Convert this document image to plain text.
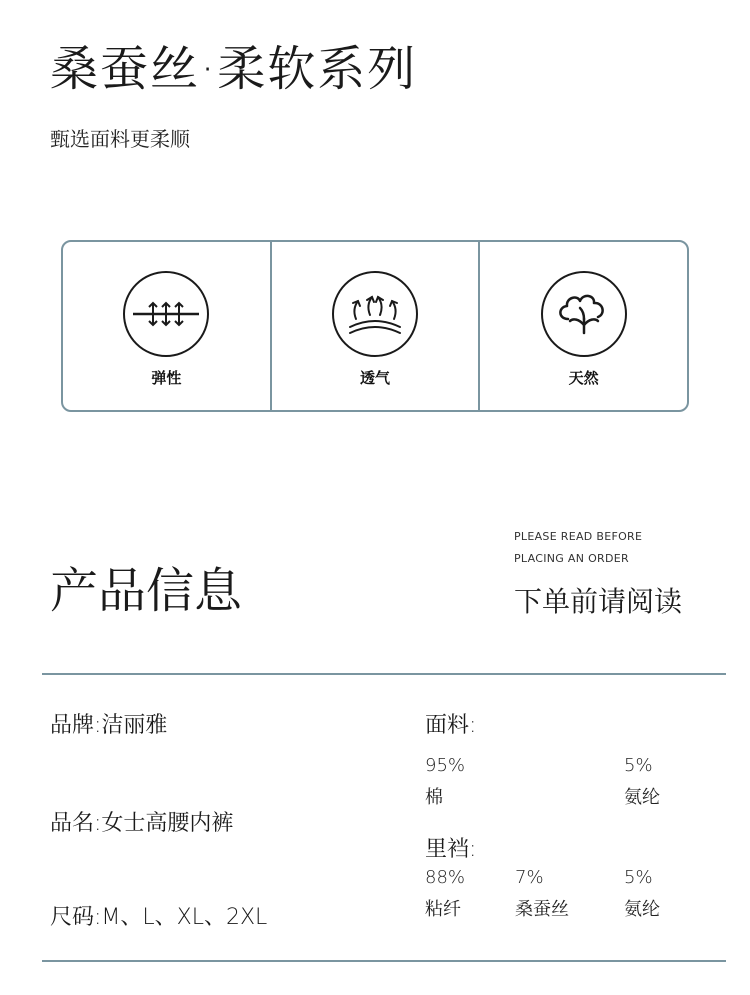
桑蚕丝·柔软系列
甄选面料更柔顺
弹性	透气	天然
产品信息
PLEASE READ BEFORE
PLACING AN ORDER
下单前请阅读
品牌:洁丽雅
品名:女士高腰内裤
尺码:M、L、XL、2XL
面料:
95%
棉
5%
氨纶
里裆:
88%
粘纤
7%
桑蚕丝
5%
氨纶
